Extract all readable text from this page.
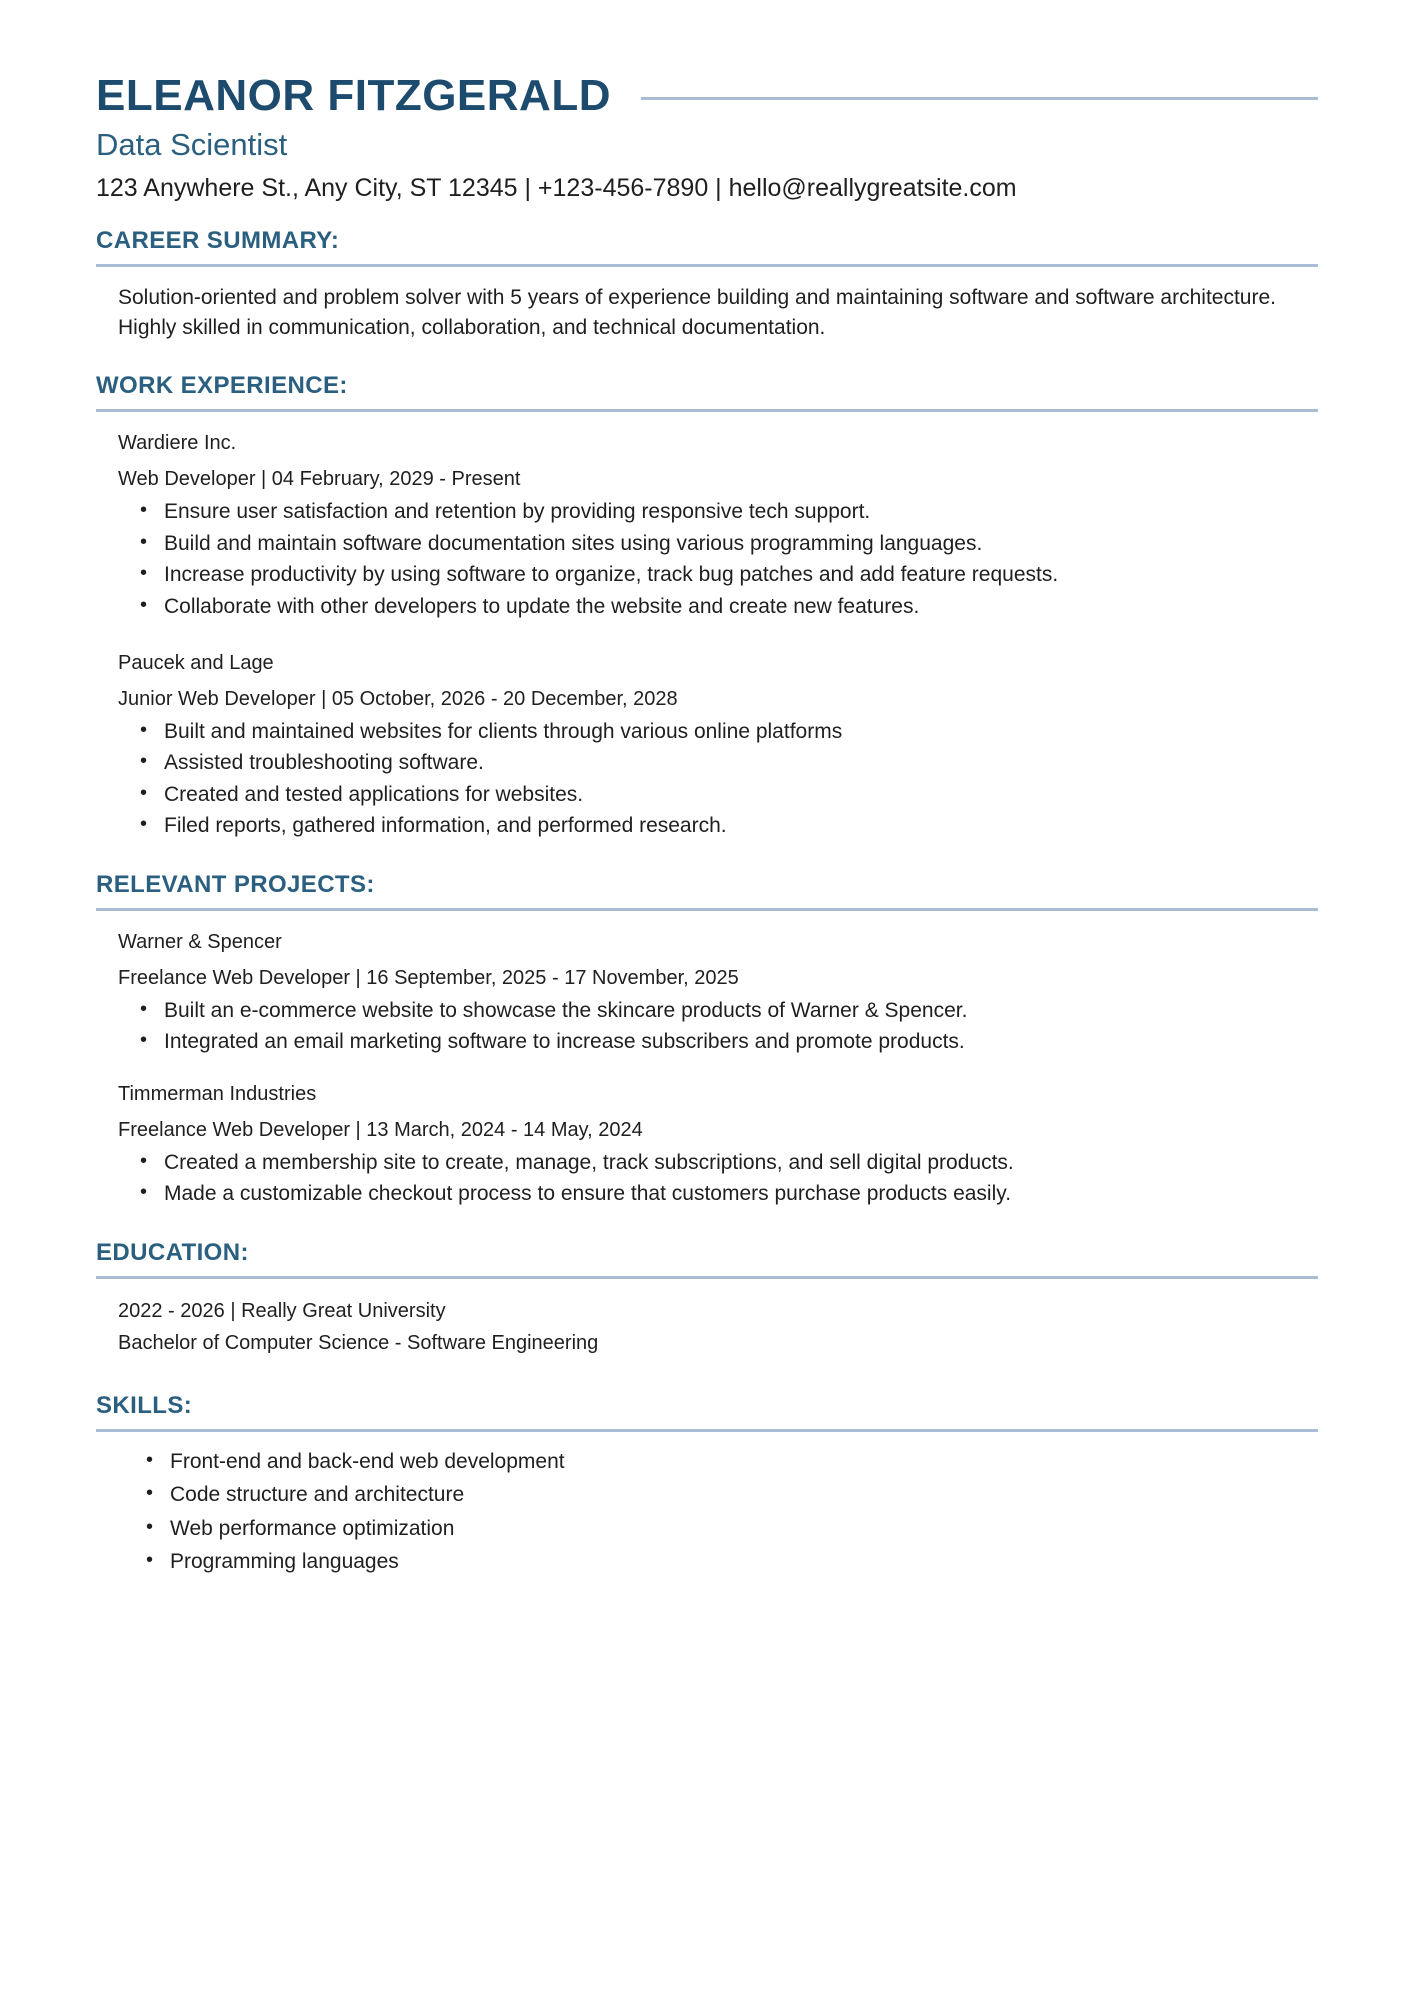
ELEANOR FITZGERALD
Data Scientist
123 Anywhere St., Any City, ST 12345 | +123-456-7890 | hello@reallygreatsite.com
CAREER SUMMARY:

Solution-oriented and problem solver with 5 years of experience building and maintaining software and software architecture. Highly skilled in communication, collaboration, and technical documentation.

WORK EXPERIENCE:
Wardiere Inc.
Web Developer | 04 February, 2029 - Present
• Ensure user satisfaction and retention by providing responsive tech support.
• Build and maintain software documentation sites using various programming languages.
• Increase productivity by using software to organize, track bug patches and add feature requests.
• Collaborate with other developers to update the website and create new features.
Paucek and Lage
Junior Web Developer | 05 October, 2026 - 20 December, 2028
• Built and maintained websites for clients through various online platforms
• Assisted troubleshooting software.
• Created and tested applications for websites.
• Filed reports, gathered information, and performed research.
RELEVANT PROJECTS:
Warner & Spencer
Freelance Web Developer | 16 September, 2025 - 17 November, 2025
• Built an e-commerce website to showcase the skincare products of Warner & Spencer.
• Integrated an email marketing software to increase subscribers and promote products.
Timmerman Industries
Freelance Web Developer | 13 March, 2024 - 14 May, 2024
• Created a membership site to create, manage, track subscriptions, and sell digital products.
• Made a customizable checkout process to ensure that customers purchase products easily.
EDUCATION:
2022 - 2026 | Really Great University
Bachelor of Computer Science - Software Engineering
SKILLS:
• Front-end and back-end web development
• Code structure and architecture
• Web performance optimization
• Programming languages
